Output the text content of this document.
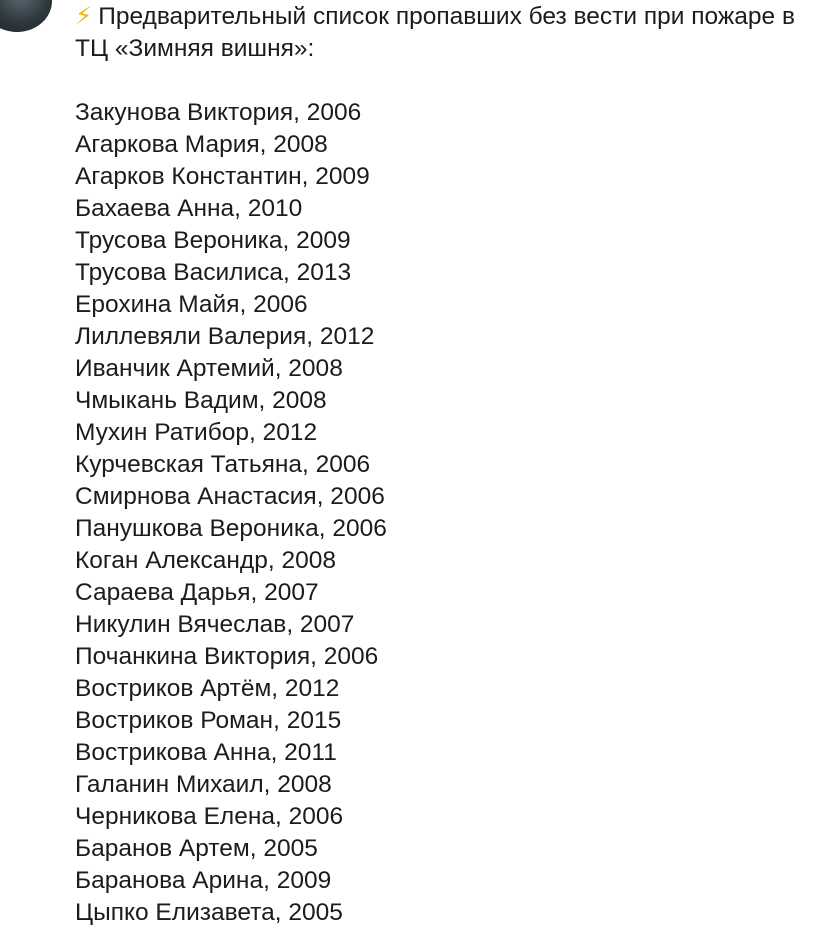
⚡ Предварительный список пропавших без вести при пожаре в ТЦ «Зимняя вишня»:

Закунова Виктория, 2006
Агаркова Мария, 2008
Агарков Константин, 2009
Бахаева Анна, 2010
Трусова Вероника, 2009
Трусова Василиса, 2013
Ерохина Майя, 2006
Лиллевяли Валерия, 2012
Иванчик Артемий, 2008
Чмыкань Вадим, 2008
Мухин Ратибор, 2012
Курчевская Татьяна, 2006
Смирнова Анастасия, 2006
Панушкова Вероника, 2006
Коган Александр, 2008
Сараева Дарья, 2007
Никулин Вячеслав, 2007
Почанкина Виктория, 2006
Востриков Артём, 2012
Востриков Роман, 2015
Вострикова Анна, 2011
Галанин Михаил, 2008
Черникова Елена, 2006
Баранов Артем, 2005
Баранова Арина, 2009
Цыпко Елизавета, 2005
